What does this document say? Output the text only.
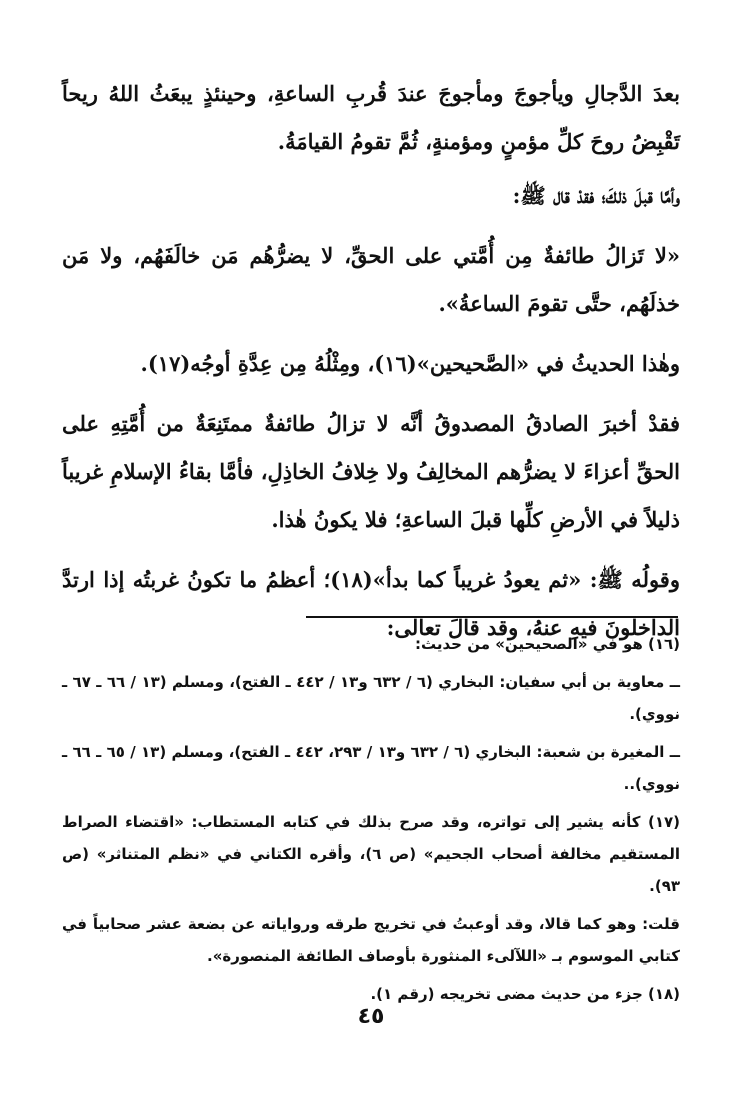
بعدَ الدَّجالِ ويأجوجَ ومأجوجَ عندَ قُربِ الساعةِ، وحينئذٍ يبعَثُ اللهُ ريحاً تَقْبِضُ روحَ كلِّ مؤمنٍ ومؤمنةٍ، ثُمَّ تقومُ القيامَةُ.

وأمَّا قبلَ ذلكَ؛ فقدْ قال ﷺ:

«لا تَزالُ طائفةٌ مِن أُمَّتي على الحقِّ، لا يضرُّهُم مَن خالَفَهُم، ولا مَن خذلَهُم، حتَّى تقومَ الساعةُ».

وهٰذا الحديثُ في «الصَّحيحين»(١٦)، ومِثْلُهُ مِن عِدَّةِ أوجُه(١٧).

فقدْ أخبرَ الصادقُ المصدوقُ أنَّه لا تزالُ طائفةٌ ممتَنِعَةٌ من أُمَّتِهِ على الحقِّ أعزاءَ لا يضرُّهم المخالِفُ ولا خِلافُ الخاذِلِ، فأمَّا بقاءُ الإسلامِ غريباً ذليلاً في الأرضِ كلِّها قبلَ الساعةِ؛ فلا يكونُ هٰذا.

وقولُه ﷺ: «ثم يعودُ غريباً كما بدأ»(١٨)؛ أعظمُ ما تكونُ غربتُه إذا ارتدَّ الداخلونَ فيهِ عنهُ، وقد قالَ تعالى:

(١٦) هو في «الصحيحين» من حديث:

ــ معاوية بن أبي سفيان: البخاري (٦ / ٦٣٢ و١٣ / ٤٤٢ ـ الفتح)، ومسلم (١٣ / ٦٦ ـ ٦٧ ـ نووي).

ــ المغيرة بن شعبة: البخاري (٦ / ٦٣٢ و١٣ / ٢٩٣، ٤٤٢ ـ الفتح)، ومسلم (١٣ / ٦٥ ـ ٦٦ ـ نووي)..

(١٧) كأنه يشير إلى تواتره، وقد صرح بذلك في كتابه المستطاب: «اقتضاء الصراط المستقيم مخالفة أصحاب الجحيم» (ص ٦)، وأقره الكتاني في «نظم المتناثر» (ص ٩٣).

قلت: وهو كما قالا، وقد أوعبتُ في تخريج طرقه ورواياته عن بضعة عشر صحابياً في كتابي الموسوم بـ «اللآلىء المنثورة بأوصاف الطائفة المنصورة».

(١٨) جزء من حديث مضى تخريجه (رقم ١).

٤٥
